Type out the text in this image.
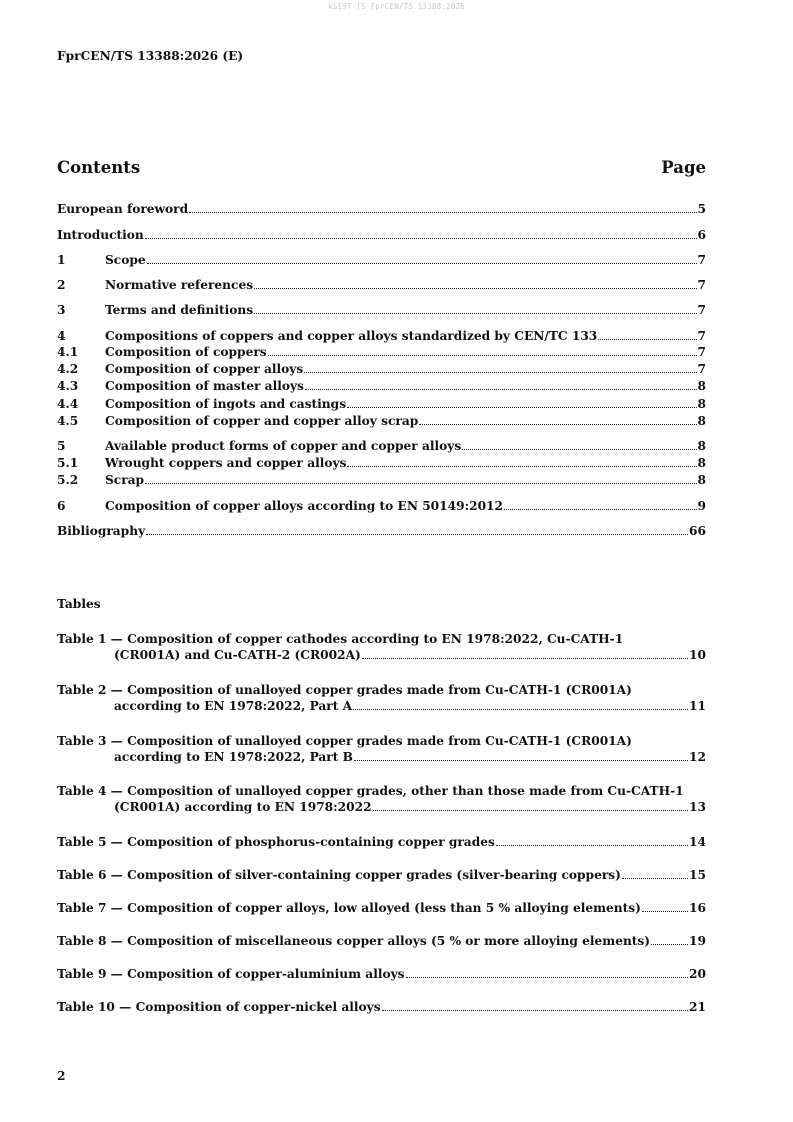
kSIST-TS FprCEN/TS 13388:2026
FprCEN/TS 13388:2026 (E)
Contents	Page
European foreword	5
Introduction	6
1	Scope	7
2	Normative references	7
3	Terms and definitions	7
4	Compositions of coppers and copper alloys standardized by CEN/TC 133	7
4.1	Composition of coppers	7
4.2	Composition of copper alloys	7
4.3	Composition of master alloys	8
4.4	Composition of ingots and castings	8
4.5	Composition of copper and copper alloy scrap	8
5	Available product forms of copper and copper alloys	8
5.1	Wrought coppers and copper alloys	8
5.2	Scrap	8
6	Composition of copper alloys according to EN 50149:2012	9
Bibliography	66
Tables
Table 1 — Composition of copper cathodes according to EN 1978:2022, Cu-CATH-1
(CR001A) and Cu-CATH-2 (CR002A)	10
Table 2 — Composition of unalloyed copper grades made from Cu-CATH-1 (CR001A)
according to EN 1978:2022, Part A	11
Table 3 — Composition of unalloyed copper grades made from Cu-CATH-1 (CR001A)
according to EN 1978:2022, Part B	12
Table 4 — Composition of unalloyed copper grades, other than those made from Cu-CATH-1
(CR001A) according to EN 1978:2022	13
Table 5 — Composition of phosphorus-containing copper grades	14
Table 6 — Composition of silver-containing copper grades (silver-bearing coppers)	15
Table 7 — Composition of copper alloys, low alloyed (less than 5 % alloying elements)	16
Table 8 — Composition of miscellaneous copper alloys (5 % or more alloying elements)	19
Table 9 — Composition of copper-aluminium alloys	20
Table 10 — Composition of copper-nickel alloys	21
2
